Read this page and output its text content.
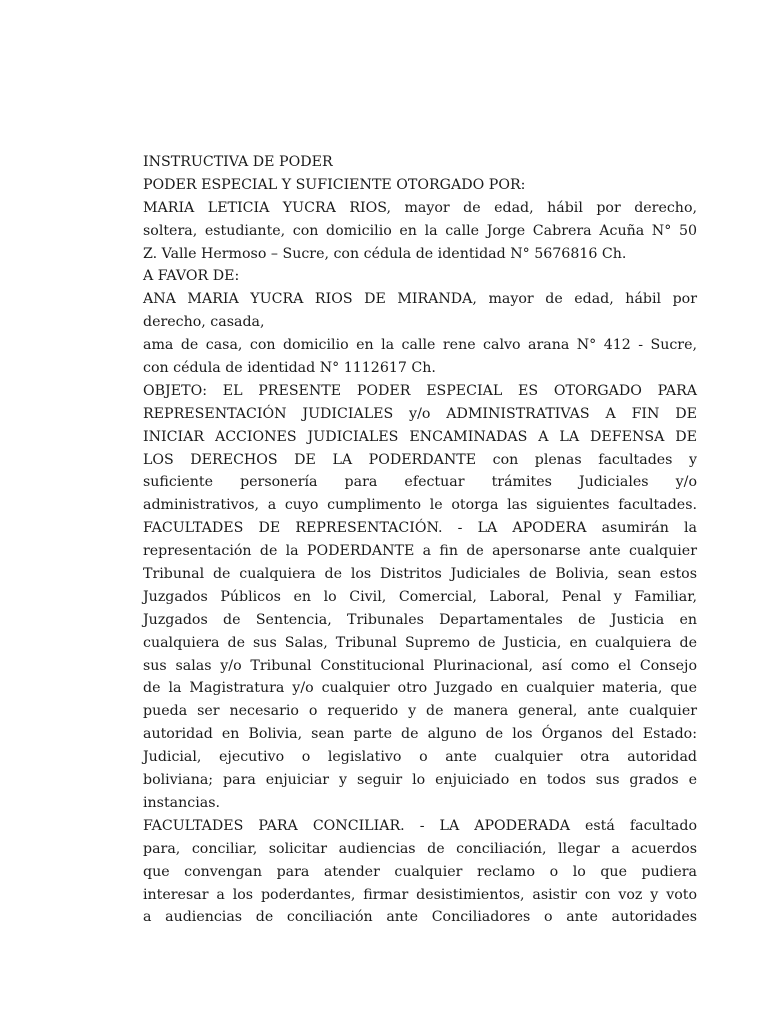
INSTRUCTIVA DE PODER
PODER ESPECIAL Y SUFICIENTE OTORGADO POR:
MARIA LETICIA YUCRA RIOS, mayor de edad, hábil por derecho,
soltera, estudiante, con domicilio en la calle Jorge Cabrera Acuña N° 50
Z. Valle Hermoso – Sucre, con cédula de identidad N° 5676816 Ch.
A FAVOR DE:
ANA MARIA YUCRA RIOS DE MIRANDA, mayor de edad, hábil por
derecho, casada,
ama de casa, con domicilio en la calle rene calvo arana N° 412 - Sucre,
con cédula de identidad N° 1112617 Ch.
OBJETO: EL PRESENTE PODER ESPECIAL ES OTORGADO PARA
REPRESENTACIÓN JUDICIALES y/o ADMINISTRATIVAS A FIN DE
INICIAR ACCIONES JUDICIALES ENCAMINADAS A LA DEFENSA DE
LOS DERECHOS DE LA PODERDANTE con plenas facultades y
suficiente personería para efectuar trámites Judiciales y/o
administrativos, a cuyo cumplimento le otorga las siguientes facultades.
FACULTADES DE REPRESENTACIÓN. - LA APODERA asumirán la
representación de la PODERDANTE a fin de apersonarse ante cualquier
Tribunal de cualquiera de los Distritos Judiciales de Bolivia, sean estos
Juzgados Públicos en lo Civil, Comercial, Laboral, Penal y Familiar,
Juzgados de Sentencia, Tribunales Departamentales de Justicia en
cualquiera de sus Salas, Tribunal Supremo de Justicia, en cualquiera de
sus salas y/o Tribunal Constitucional Plurinacional, así como el Consejo
de la Magistratura y/o cualquier otro Juzgado en cualquier materia, que
pueda ser necesario o requerido y de manera general, ante cualquier
autoridad en Bolivia, sean parte de alguno de los Órganos del Estado:
Judicial, ejecutivo o legislativo o ante cualquier otra autoridad
boliviana; para enjuiciar y seguir lo enjuiciado en todos sus grados e
instancias.
FACULTADES PARA CONCILIAR. - LA APODERADA está facultado
para, conciliar, solicitar audiencias de conciliación, llegar a acuerdos
que convengan para atender cualquier reclamo o lo que pudiera
interesar a los poderdantes, firmar desistimientos, asistir con voz y voto
a audiencias de conciliación ante Conciliadores o ante autoridades
